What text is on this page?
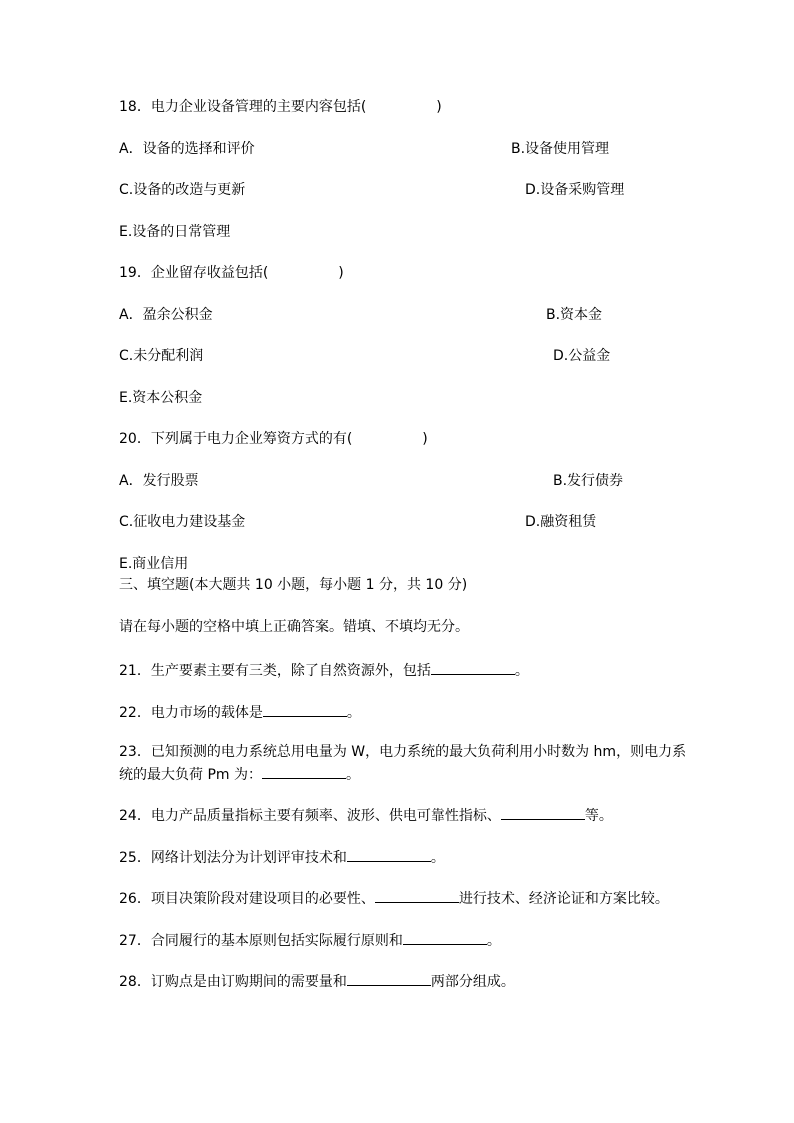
18．电力企业设备管理的主要内容包括(　　　　　)
A．设备的选择和评价	B.设备使用管理
C.设备的改造与更新	D.设备采购管理
E.设备的日常管理
19．企业留存收益包括(　　　　　)
A．盈余公积金	B.资本金
C.未分配利润	D.公益金
E.资本公积金
20．下列属于电力企业筹资方式的有(　　　　　)
A．发行股票	B.发行债券
C.征收电力建设基金	D.融资租赁
E.商业信用
三、填空题(本大题共 10 小题，每小题 1 分，共 10 分)
请在每小题的空格中填上正确答案。错填、不填均无分。
21．生产要素主要有三类，除了自然资源外，包括	。
22．电力市场的载体是	。
23．已知预测的电力系统总用电量为 W，电力系统的最大负荷利用小时数为 hm，则电力系
统的最大负荷 Pm 为：	。
24．电力产品质量指标主要有频率、波形、供电可靠性指标、	等。
25．网络计划法分为计划评审技术和	。
26．项目决策阶段对建设项目的必要性、	进行技术、经济论证和方案比较。
27．合同履行的基本原则包括实际履行原则和	。
28．订购点是由订购期间的需要量和	两部分组成。
